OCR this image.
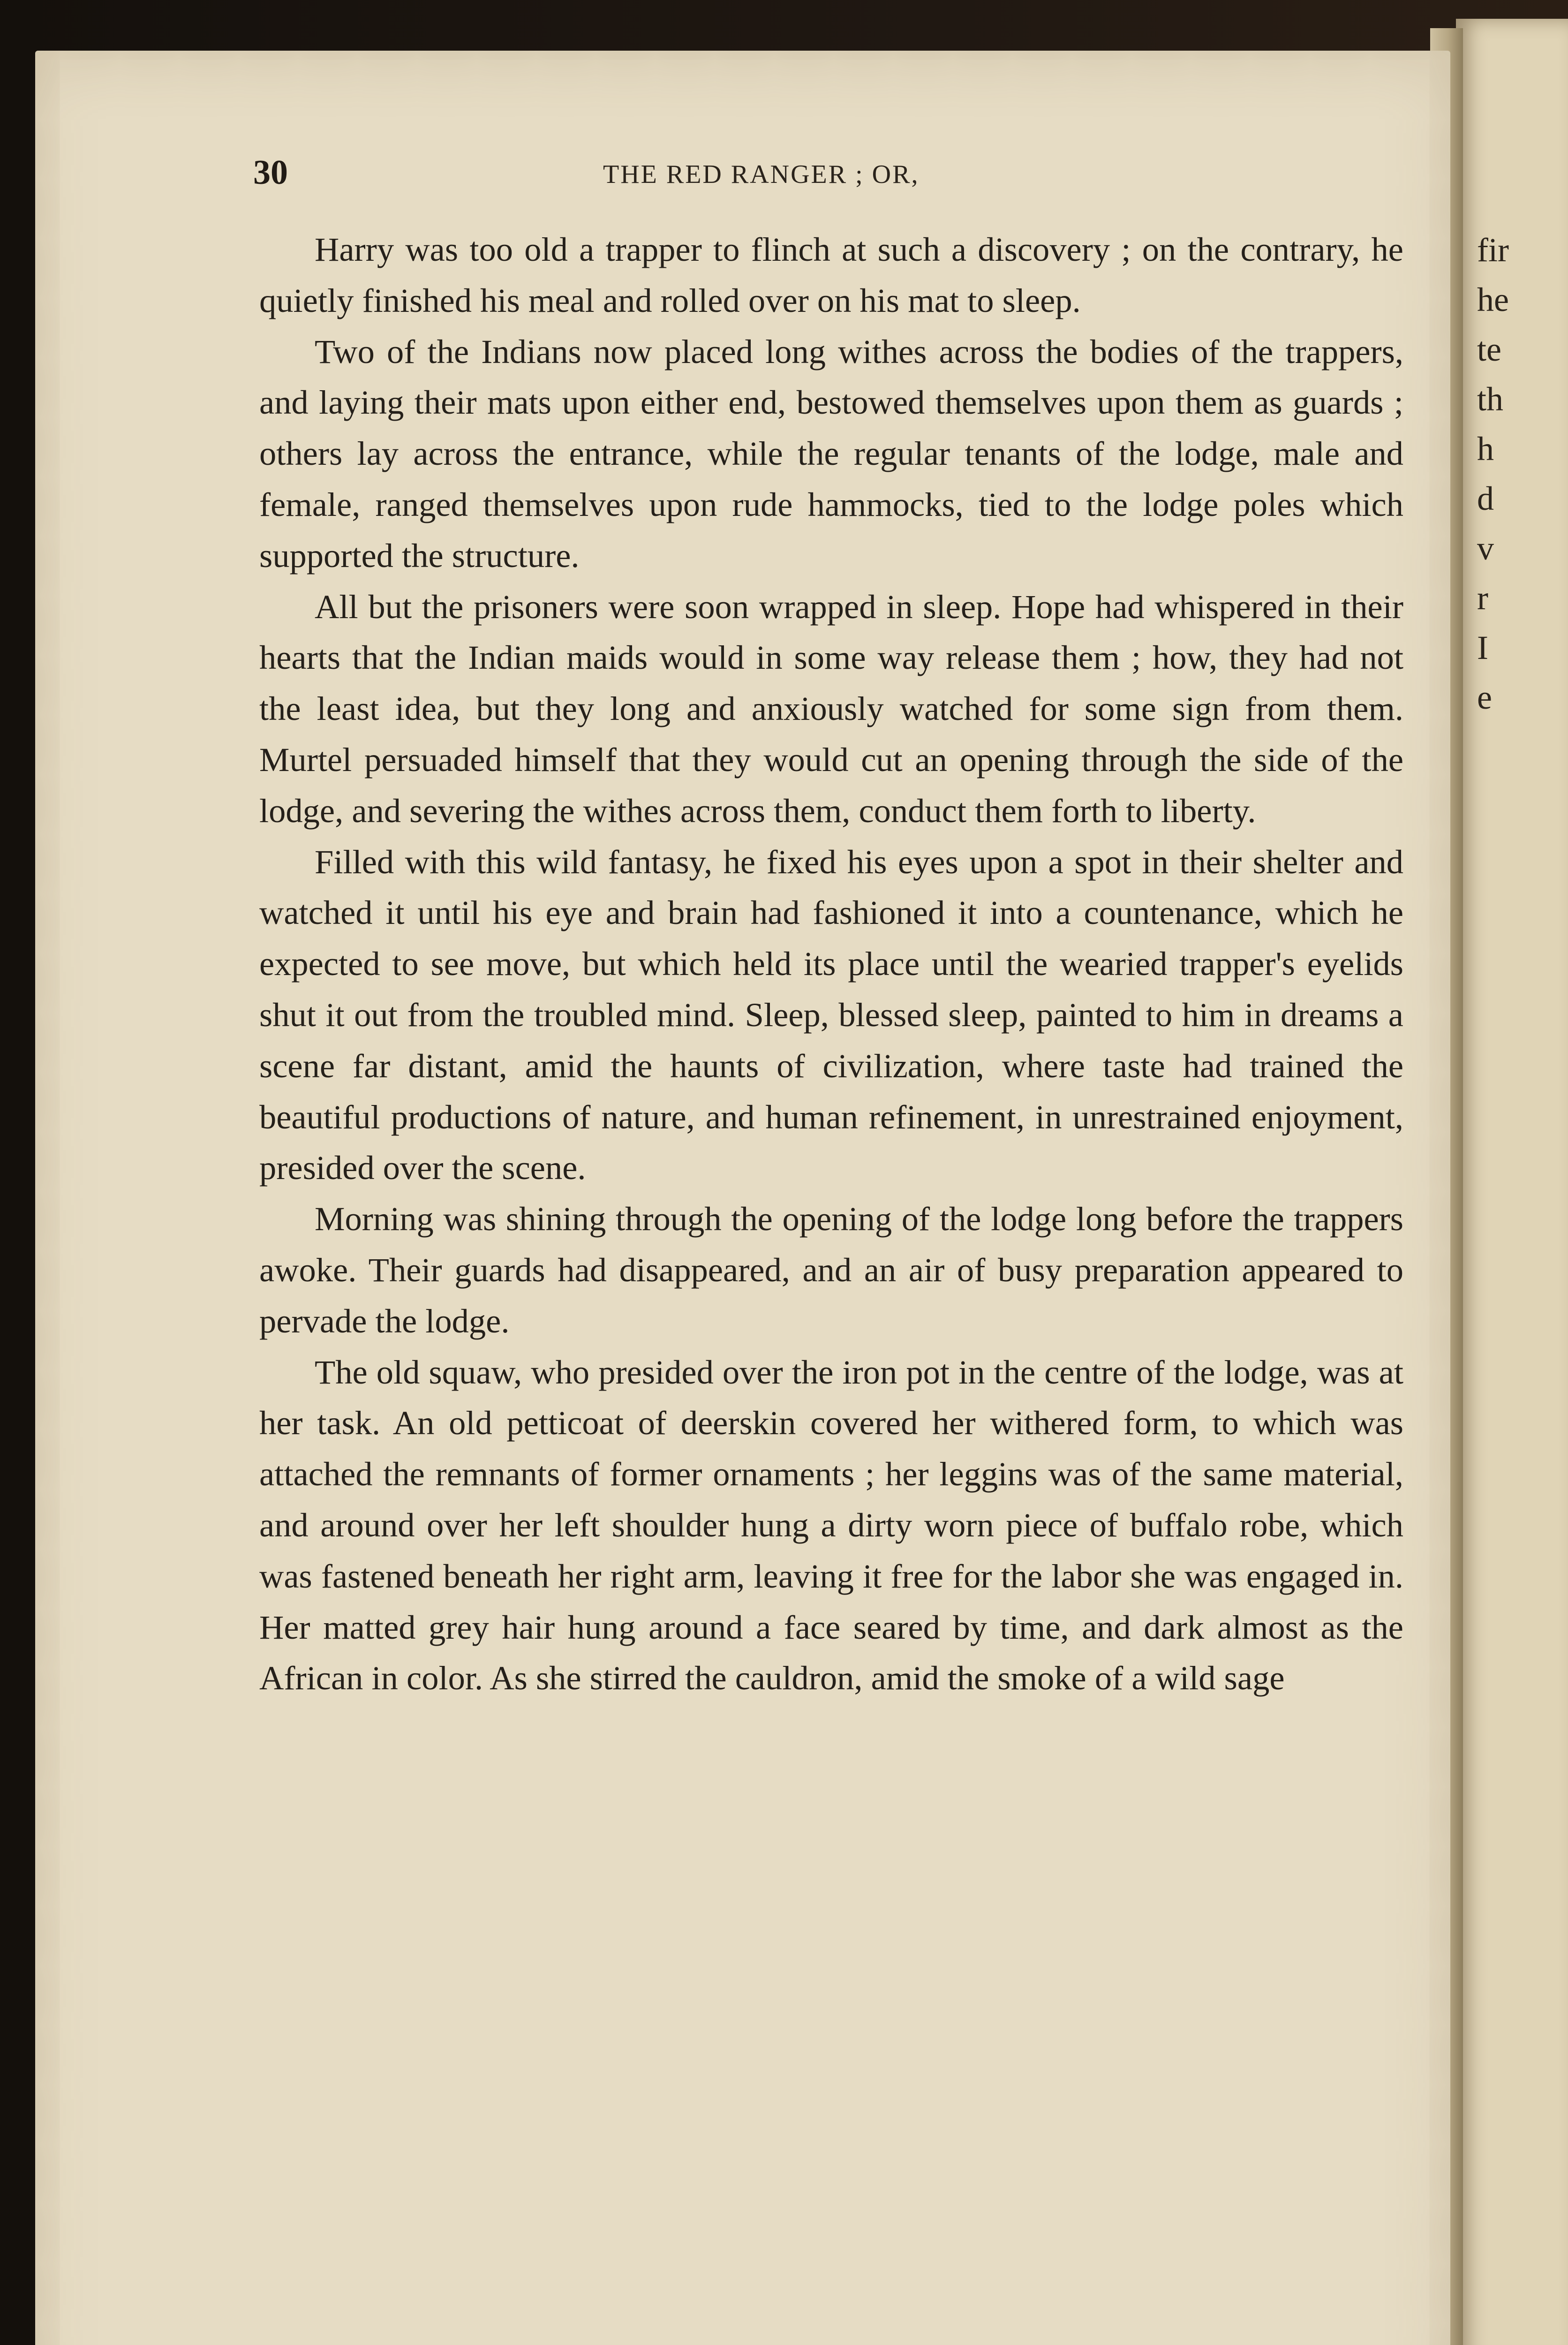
fir
he
te
th
h
d
v
r
I
e
30	THE RED RANGER ; OR,

Harry was too old a trapper to flinch at such a discovery ; on the contrary, he quietly finished his meal and rolled over on his mat to sleep.

Two of the Indians now placed long withes across the bodies of the trappers, and laying their mats upon either end, bestowed themselves upon them as guards ; others lay across the entrance, while the regular tenants of the lodge, male and female, ranged themselves upon rude hammocks, tied to the lodge poles which supported the structure.

All but the prisoners were soon wrapped in sleep. Hope had whispered in their hearts that the Indian maids would in some way release them ; how, they had not the least idea, but they long and anxiously watched for some sign from them. Murtel persuaded himself that they would cut an opening through the side of the lodge, and severing the withes across them, conduct them forth to liberty.

Filled with this wild fantasy, he fixed his eyes upon a spot in their shelter and watched it until his eye and brain had fashioned it into a countenance, which he expected to see move, but which held its place until the wearied trapper's eyelids shut it out from the troubled mind. Sleep, blessed sleep, painted to him in dreams a scene far distant, amid the haunts of civilization, where taste had trained the beautiful productions of nature, and human refinement, in unrestrained enjoyment, presided over the scene.

Morning was shining through the opening of the lodge long before the trappers awoke. Their guards had disappeared, and an air of busy preparation appeared to pervade the lodge.

The old squaw, who presided over the iron pot in the centre of the lodge, was at her task. An old petticoat of deerskin covered her withered form, to which was attached the remnants of former ornaments ; her leggins was of the same material, and around over her left shoulder hung a dirty worn piece of buffalo robe, which was fastened beneath her right arm, leaving it free for the labor she was engaged in. Her matted grey hair hung around a face seared by time, and dark almost as the African in color. As she stirred the cauldron, amid the smoke of a wild sage
